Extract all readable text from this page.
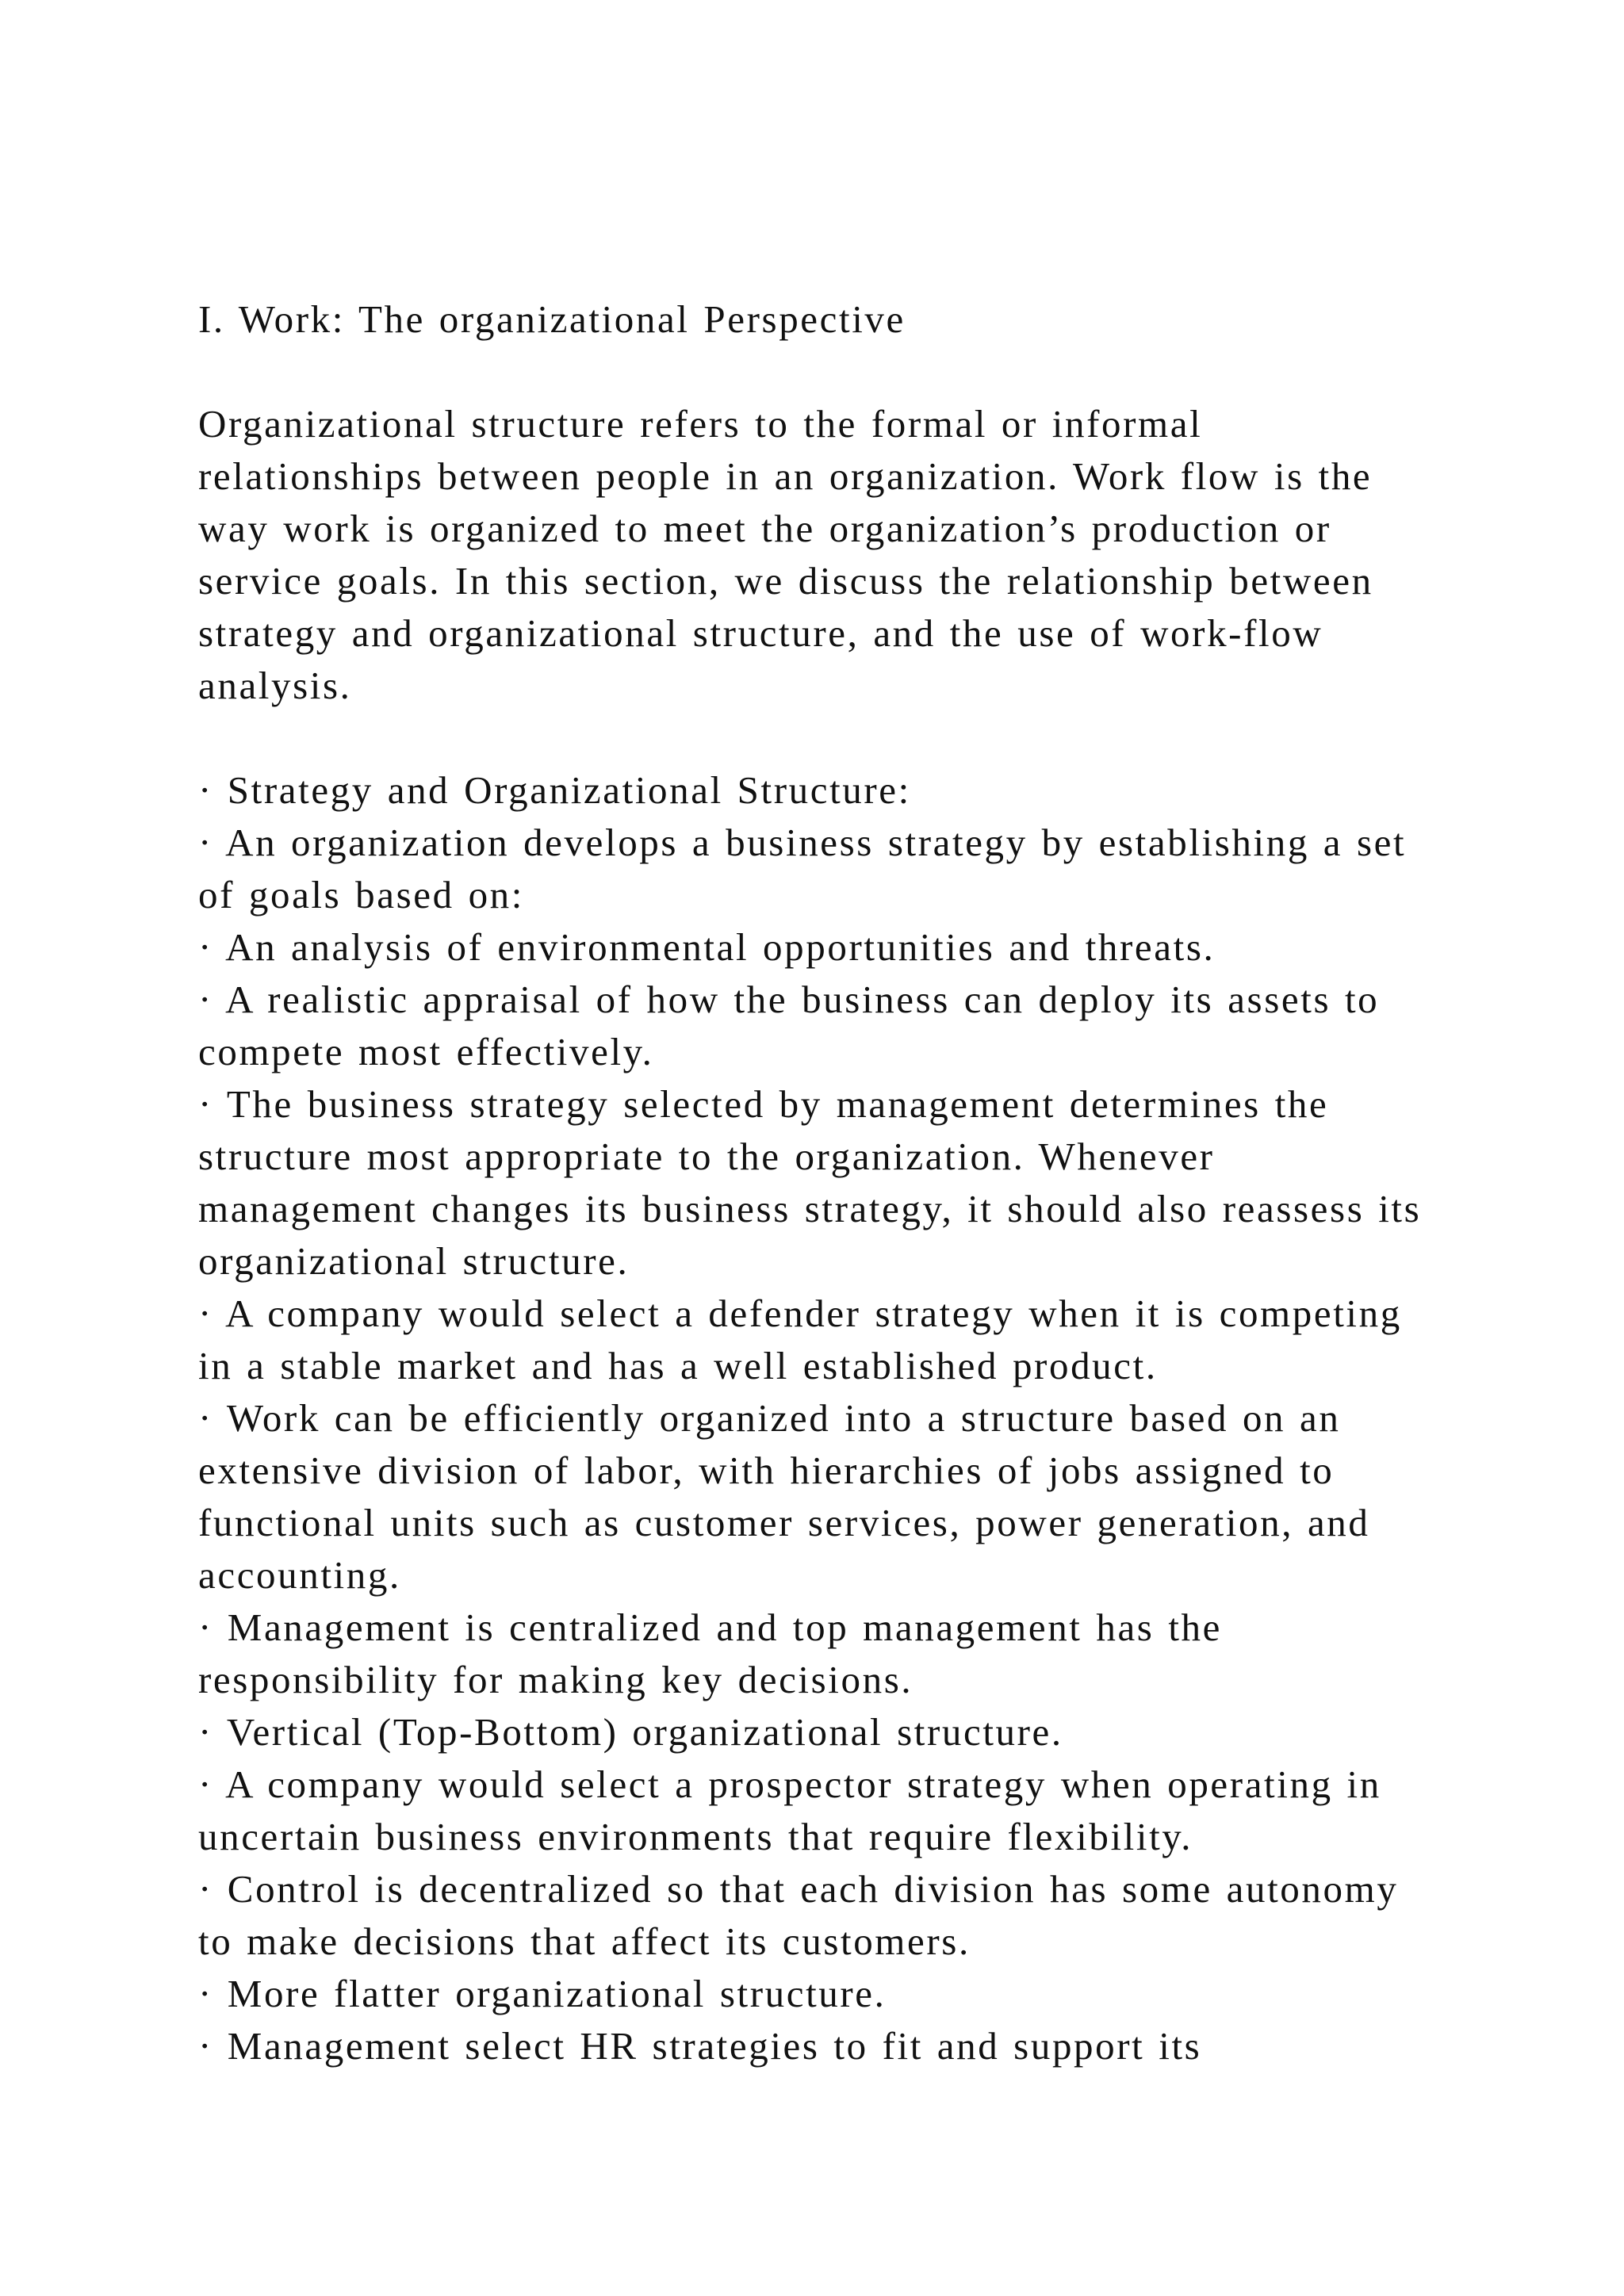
I. Work: The organizational Perspective

Organizational structure refers to the formal or informal relationships between people in an organization. Work flow is the way work is organized to meet the organization’s production or service goals. In this section, we discuss the relationship between strategy and organizational structure, and the use of work-flow analysis.

· Strategy and Organizational Structure:
· An organization develops a business strategy by establishing a set of goals based on:
· An analysis of environmental opportunities and threats.
· A realistic appraisal of how the business can deploy its assets to compete most effectively.
· The business strategy selected by management determines the structure most appropriate to the organization. Whenever management changes its business strategy, it should also reassess its organizational structure.
· A company would select a defender strategy when it is competing in a stable market and has a well established product.
· Work can be efficiently organized into a structure based on an extensive division of labor, with hierarchies of jobs assigned to functional units such as customer services, power generation, and accounting.
· Management is centralized and top management has the responsibility for making key decisions.
· Vertical (Top-Bottom) organizational structure.
· A company would select a prospector strategy when operating in uncertain business environments that require flexibility.
· Control is decentralized so that each division has some autonomy to make decisions that affect its customers.
· More flatter organizational structure.
· Management select HR strategies to fit and support its
